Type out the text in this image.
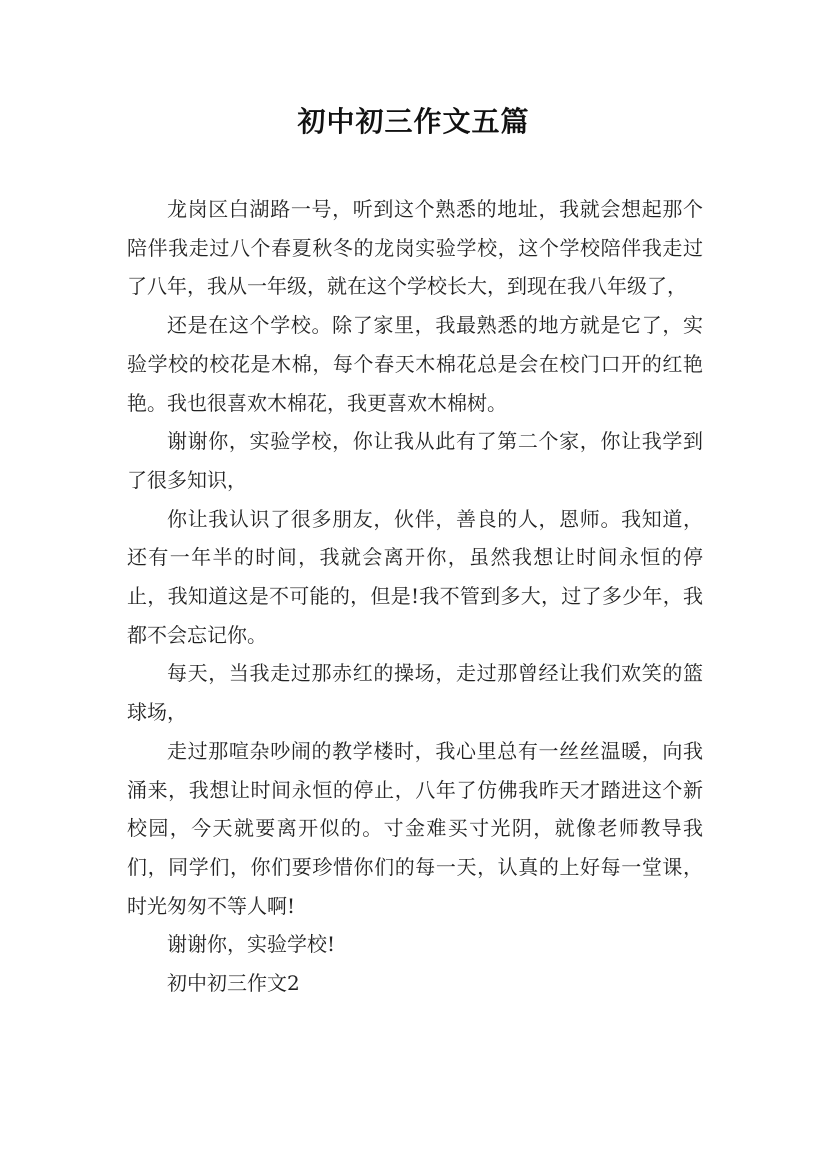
初中初三作文五篇

龙岗区白湖路一号，听到这个熟悉的地址，我就会想起那个陪伴我走过八个春夏秋冬的龙岗实验学校，这个学校陪伴我走过了八年，我从一年级，就在这个学校长大，到现在我八年级了，

还是在这个学校。除了家里，我最熟悉的地方就是它了，实验学校的校花是木棉，每个春天木棉花总是会在校门口开的红艳艳。我也很喜欢木棉花，我更喜欢木棉树。

谢谢你，实验学校，你让我从此有了第二个家，你让我学到了很多知识，

你让我认识了很多朋友，伙伴，善良的人，恩师。我知道，还有一年半的时间，我就会离开你，虽然我想让时间永恒的停止，我知道这是不可能的，但是!我不管到多大，过了多少年，我都不会忘记你。

每天，当我走过那赤红的操场，走过那曾经让我们欢笑的篮球场，

走过那喧杂吵闹的教学楼时，我心里总有一丝丝温暖，向我涌来，我想让时间永恒的停止，八年了仿佛我昨天才踏进这个新校园，今天就要离开似的。寸金难买寸光阴，就像老师教导我们，同学们，你们要珍惜你们的每一天，认真的上好每一堂课，时光匆匆不等人啊!

谢谢你，实验学校!

初中初三作文2
